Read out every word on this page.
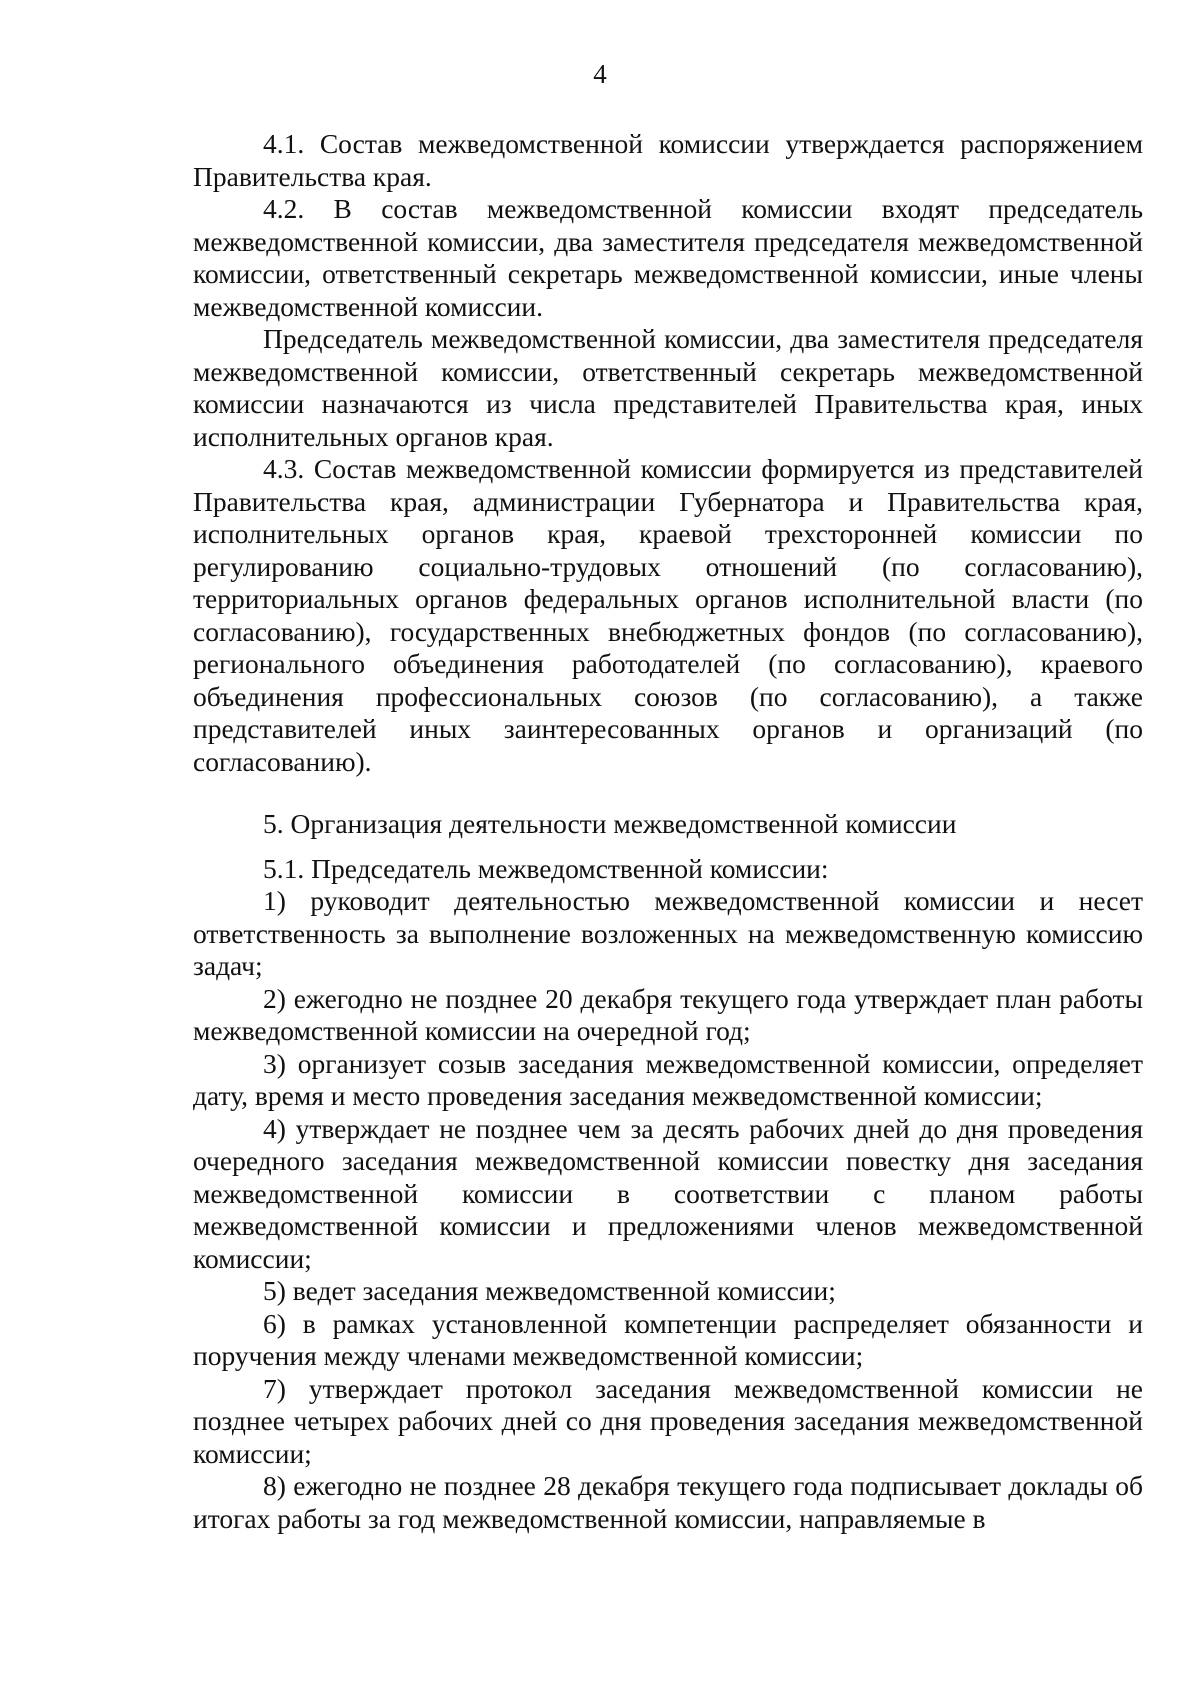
4

4.1. Состав межведомственной комиссии утверждается распоряжением Правительства края.

4.2. В состав межведомственной комиссии входят председатель межведомственной комиссии, два заместителя председателя межведомственной комиссии, ответственный секретарь межведомственной комиссии, иные члены межведомственной комиссии.

Председатель межведомственной комиссии, два заместителя председателя межведомственной комиссии, ответственный секретарь межведомственной комиссии назначаются из числа представителей Правительства края, иных исполнительных органов края.

4.3. Состав межведомственной комиссии формируется из представителей Правительства края, администрации Губернатора и Правительства края, исполнительных органов края, краевой трехсторонней комиссии по регулированию социально-трудовых отношений (по согласованию), территориальных органов федеральных органов исполнительной власти (по согласованию), государственных внебюджетных фондов (по согласованию), регионального объединения работодателей (по согласованию), краевого объединения профессиональных союзов (по согласованию), а также представителей иных заинтересованных органов и организаций (по согласованию).

5. Организация деятельности межведомственной комиссии

5.1. Председатель межведомственной комиссии:

1) руководит деятельностью межведомственной комиссии и несет ответственность за выполнение возложенных на межведомственную комиссию задач;

2) ежегодно не позднее 20 декабря текущего года утверждает план работы межведомственной комиссии на очередной год;

3) организует созыв заседания межведомственной комиссии, определяет дату, время и место проведения заседания межведомственной комиссии;

4) утверждает не позднее чем за десять рабочих дней до дня проведения очередного заседания межведомственной комиссии повестку дня заседания межведомственной комиссии в соответствии с планом работы межведомственной комиссии и предложениями членов межведомственной комиссии;

5) ведет заседания межведомственной комиссии;

6) в рамках установленной компетенции распределяет обязанности и поручения между членами межведомственной комиссии;

7) утверждает протокол заседания межведомственной комиссии не позднее четырех рабочих дней со дня проведения заседания межведомственной комиссии;

8) ежегодно не позднее 28 декабря текущего года подписывает доклады об итогах работы за год межведомственной комиссии, направляемые в
